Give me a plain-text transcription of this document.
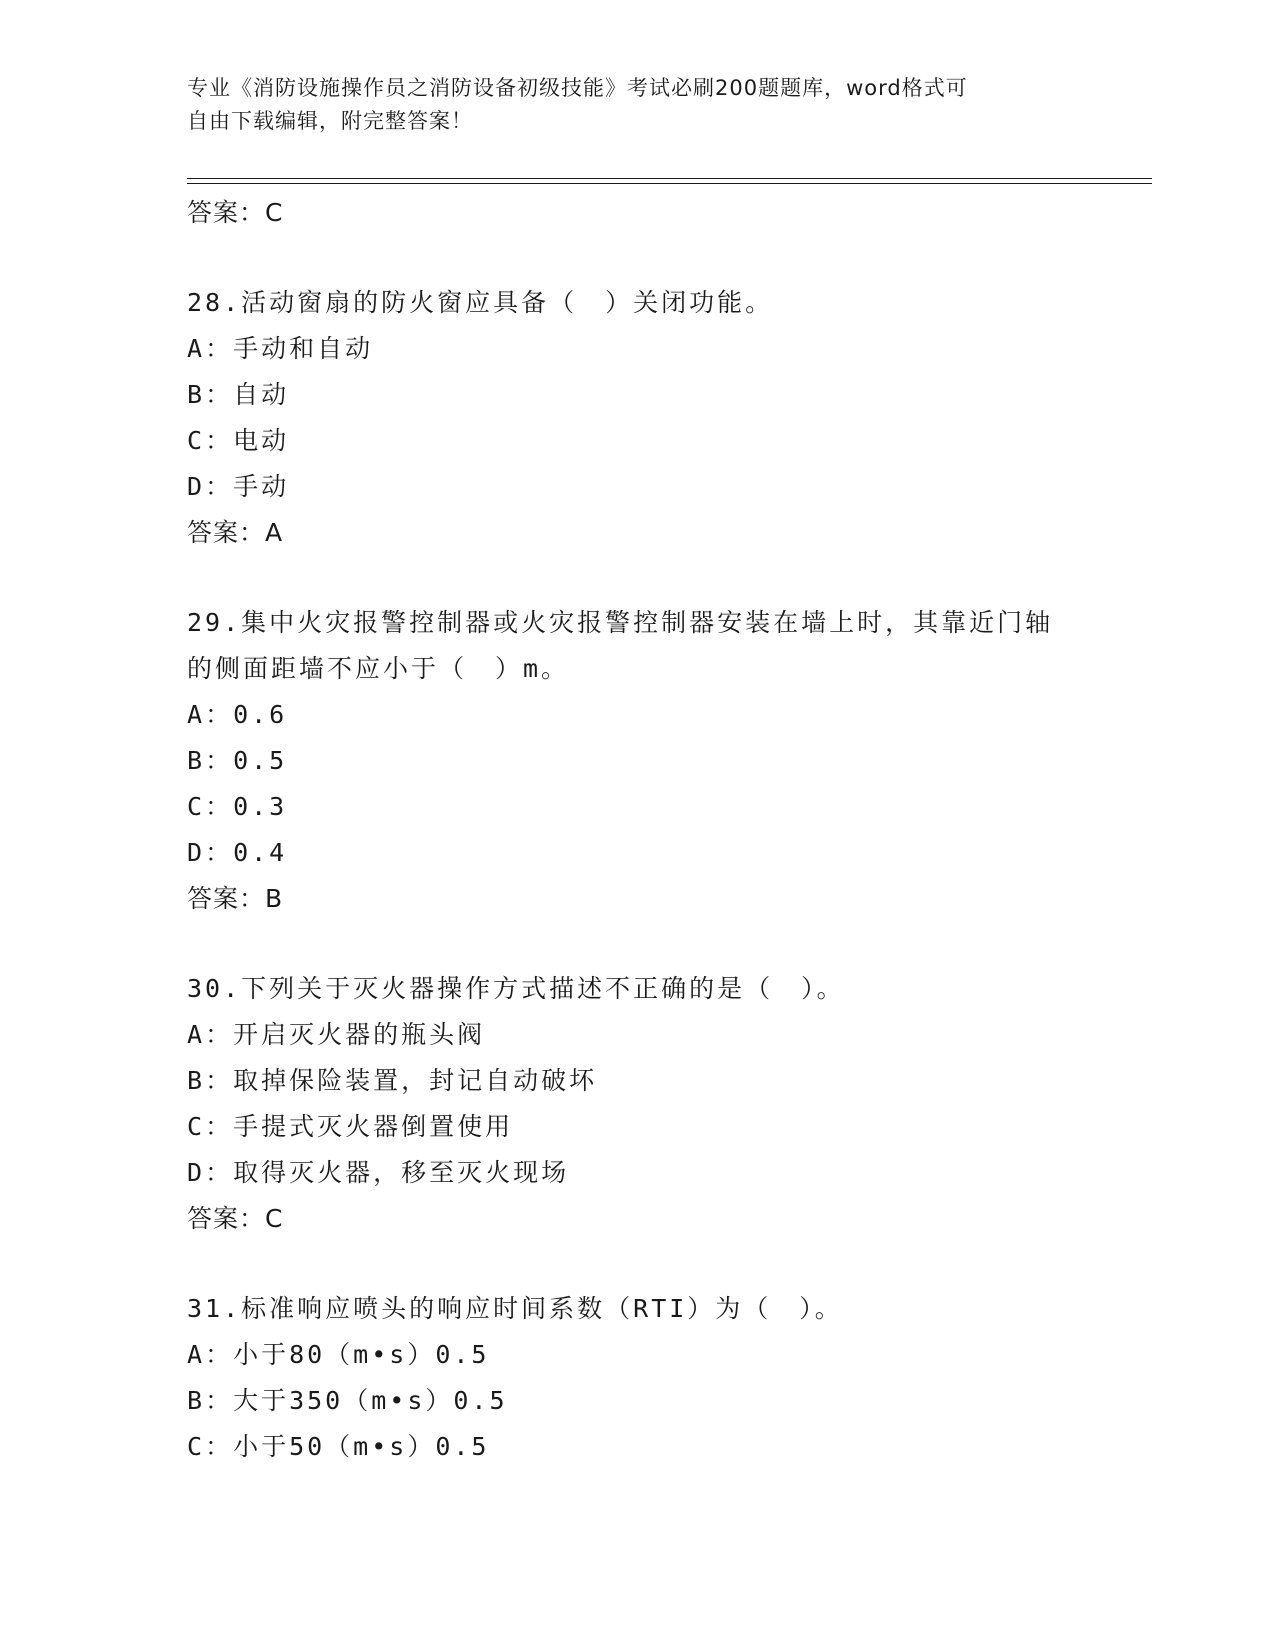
专业《消防设施操作员之消防设备初级技能》考试必刷200题题库，word格式可
自由下载编辑，附完整答案！
答案：C
28.活动窗扇的防火窗应具备（　）关闭功能。
A：手动和自动
B：自动
C：电动
D：手动
答案：A
29.集中火灾报警控制器或火灾报警控制器安装在墙上时，其靠近门轴
的侧面距墙不应小于（　）m。
A：0.6
B：0.5
C：0.3
D：0.4
答案：B
30.下列关于灭火器操作方式描述不正确的是（　）。
A：开启灭火器的瓶头阀
B：取掉保险装置，封记自动破坏
C：手提式灭火器倒置使用
D：取得灭火器，移至灭火现场
答案：C
31.标准响应喷头的响应时间系数（RTI）为（　）。
A：小于80（m•s）0.5
B：大于350（m•s）0.5
C：小于50（m•s）0.5
